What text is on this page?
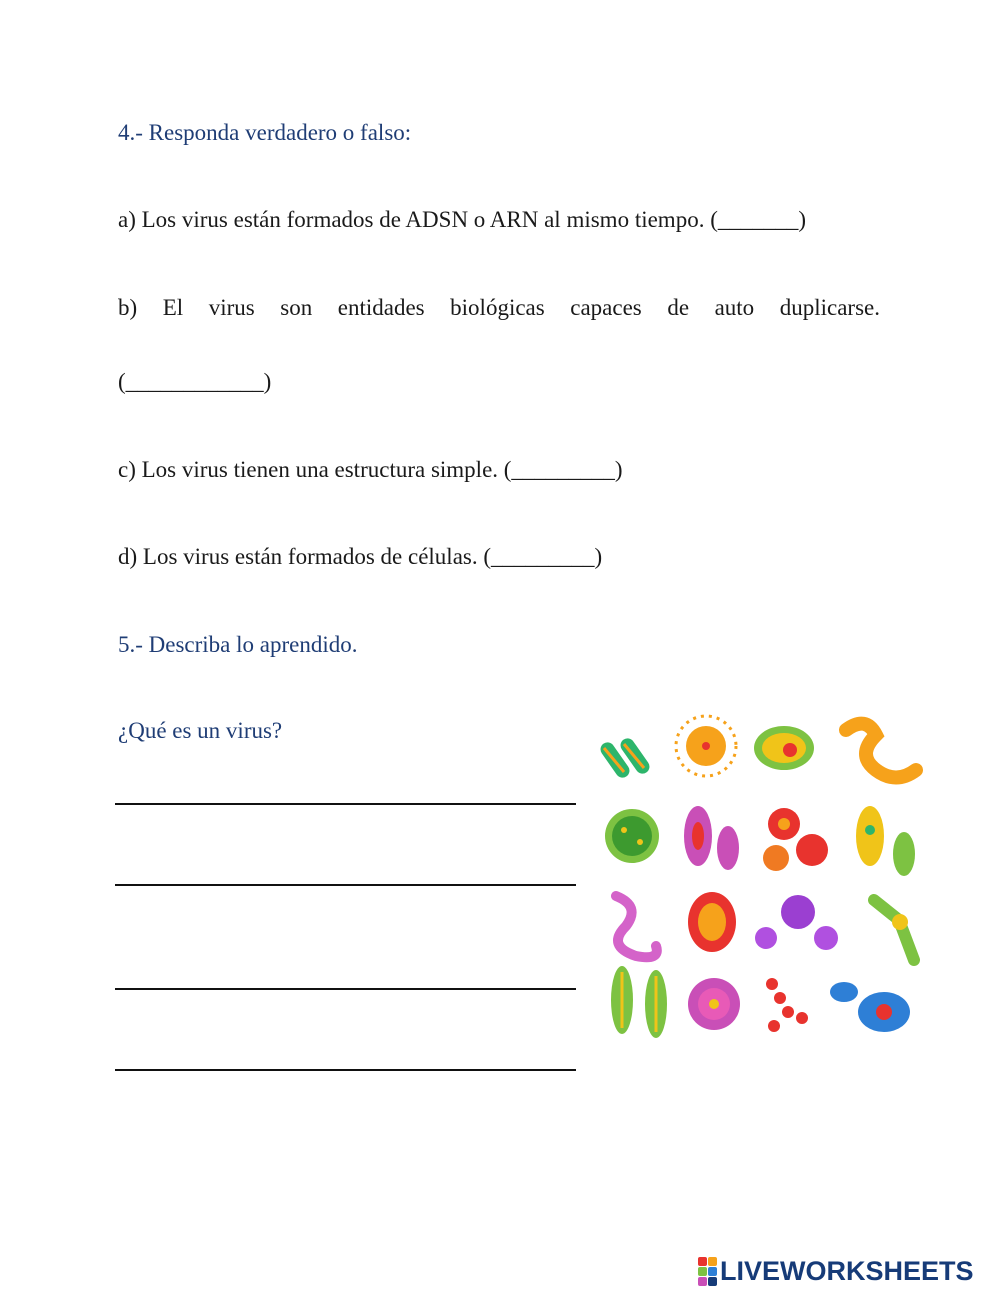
4.- Responda verdadero o falso:
a) Los virus están formados de ADSN o ARN al mismo tiempo. (_______)
b) El virus son entidades biológicas capaces de auto duplicarse.
(____________)
c) Los virus tienen una estructura simple. (_________)
d) Los virus están formados de células. (_________)
5.- Describa lo aprendido.
¿Qué es un virus?
LIVEWORKSHEETS
